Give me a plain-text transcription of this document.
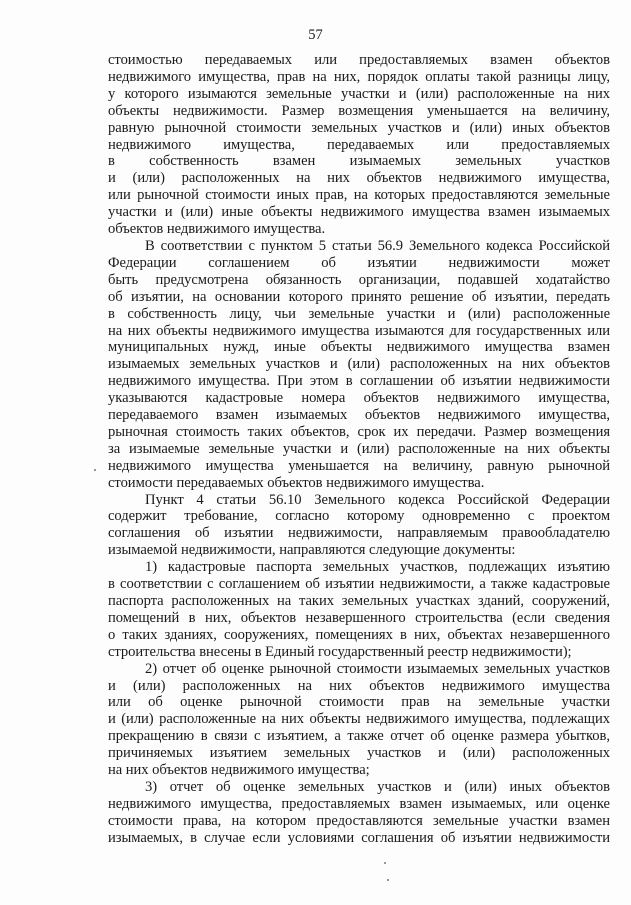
57

стоимостью передаваемых или предоставляемых взамен объектов
недвижимого имущества, прав на них, порядок оплаты такой разницы лицу,
у которого изымаются земельные участки и (или) расположенные на них
объекты недвижимости. Размер возмещения уменьшается на величину,
равную рыночной стоимости земельных участков и (или) иных объектов
недвижимого имущества, передаваемых или предоставляемых
в собственность взамен изымаемых земельных участков
и (или) расположенных на них объектов недвижимого имущества,
или рыночной стоимости иных прав, на которых предоставляются земельные
участки и (или) иные объекты недвижимого имущества взамен изымаемых
объектов недвижимого имущества.

В соответствии с пунктом 5 статьи 56.9 Земельного кодекса Российской
Федерации соглашением об изъятии недвижимости может
быть предусмотрена обязанность организации, подавшей ходатайство
об изъятии, на основании которого принято решение об изъятии, передать
в собственность лицу, чьи земельные участки и (или) расположенные
на них объекты недвижимого имущества изымаются для государственных или
муниципальных нужд, иные объекты недвижимого имущества взамен
изымаемых земельных участков и (или) расположенных на них объектов
недвижимого имущества. При этом в соглашении об изъятии недвижимости
указываются кадастровые номера объектов недвижимого имущества,
передаваемого взамен изымаемых объектов недвижимого имущества,
рыночная стоимость таких объектов, срок их передачи. Размер возмещения
за изымаемые земельные участки и (или) расположенные на них объекты
недвижимого имущества уменьшается на величину, равную рыночной
стоимости передаваемых объектов недвижимого имущества.

Пункт 4 статьи 56.10 Земельного кодекса Российской Федерации
содержит требование, согласно которому одновременно с проектом
соглашения об изъятии недвижимости, направляемым правообладателю
изымаемой недвижимости, направляются следующие документы:

1) кадастровые паспорта земельных участков, подлежащих изъятию
в соответствии с соглашением об изъятии недвижимости, а также кадастровые
паспорта расположенных на таких земельных участках зданий, сооружений,
помещений в них, объектов незавершенного строительства (если сведения
о таких зданиях, сооружениях, помещениях в них, объектах незавершенного
строительства внесены в Единый государственный реестр недвижимости);

2) отчет об оценке рыночной стоимости изымаемых земельных участков
и (или) расположенных на них объектов недвижимого имущества
или об оценке рыночной стоимости прав на земельные участки
и (или) расположенные на них объекты недвижимого имущества, подлежащих
прекращению в связи с изъятием, а также отчет об оценке размера убытков,
причиняемых изъятием земельных участков и (или) расположенных
на них объектов недвижимого имущества;

3) отчет об оценке земельных участков и (или) иных объектов
недвижимого имущества, предоставляемых взамен изымаемых, или оценке
стоимости права, на котором предоставляются земельные участки взамен
изымаемых, в случае если условиями соглашения об изъятии недвижимости
